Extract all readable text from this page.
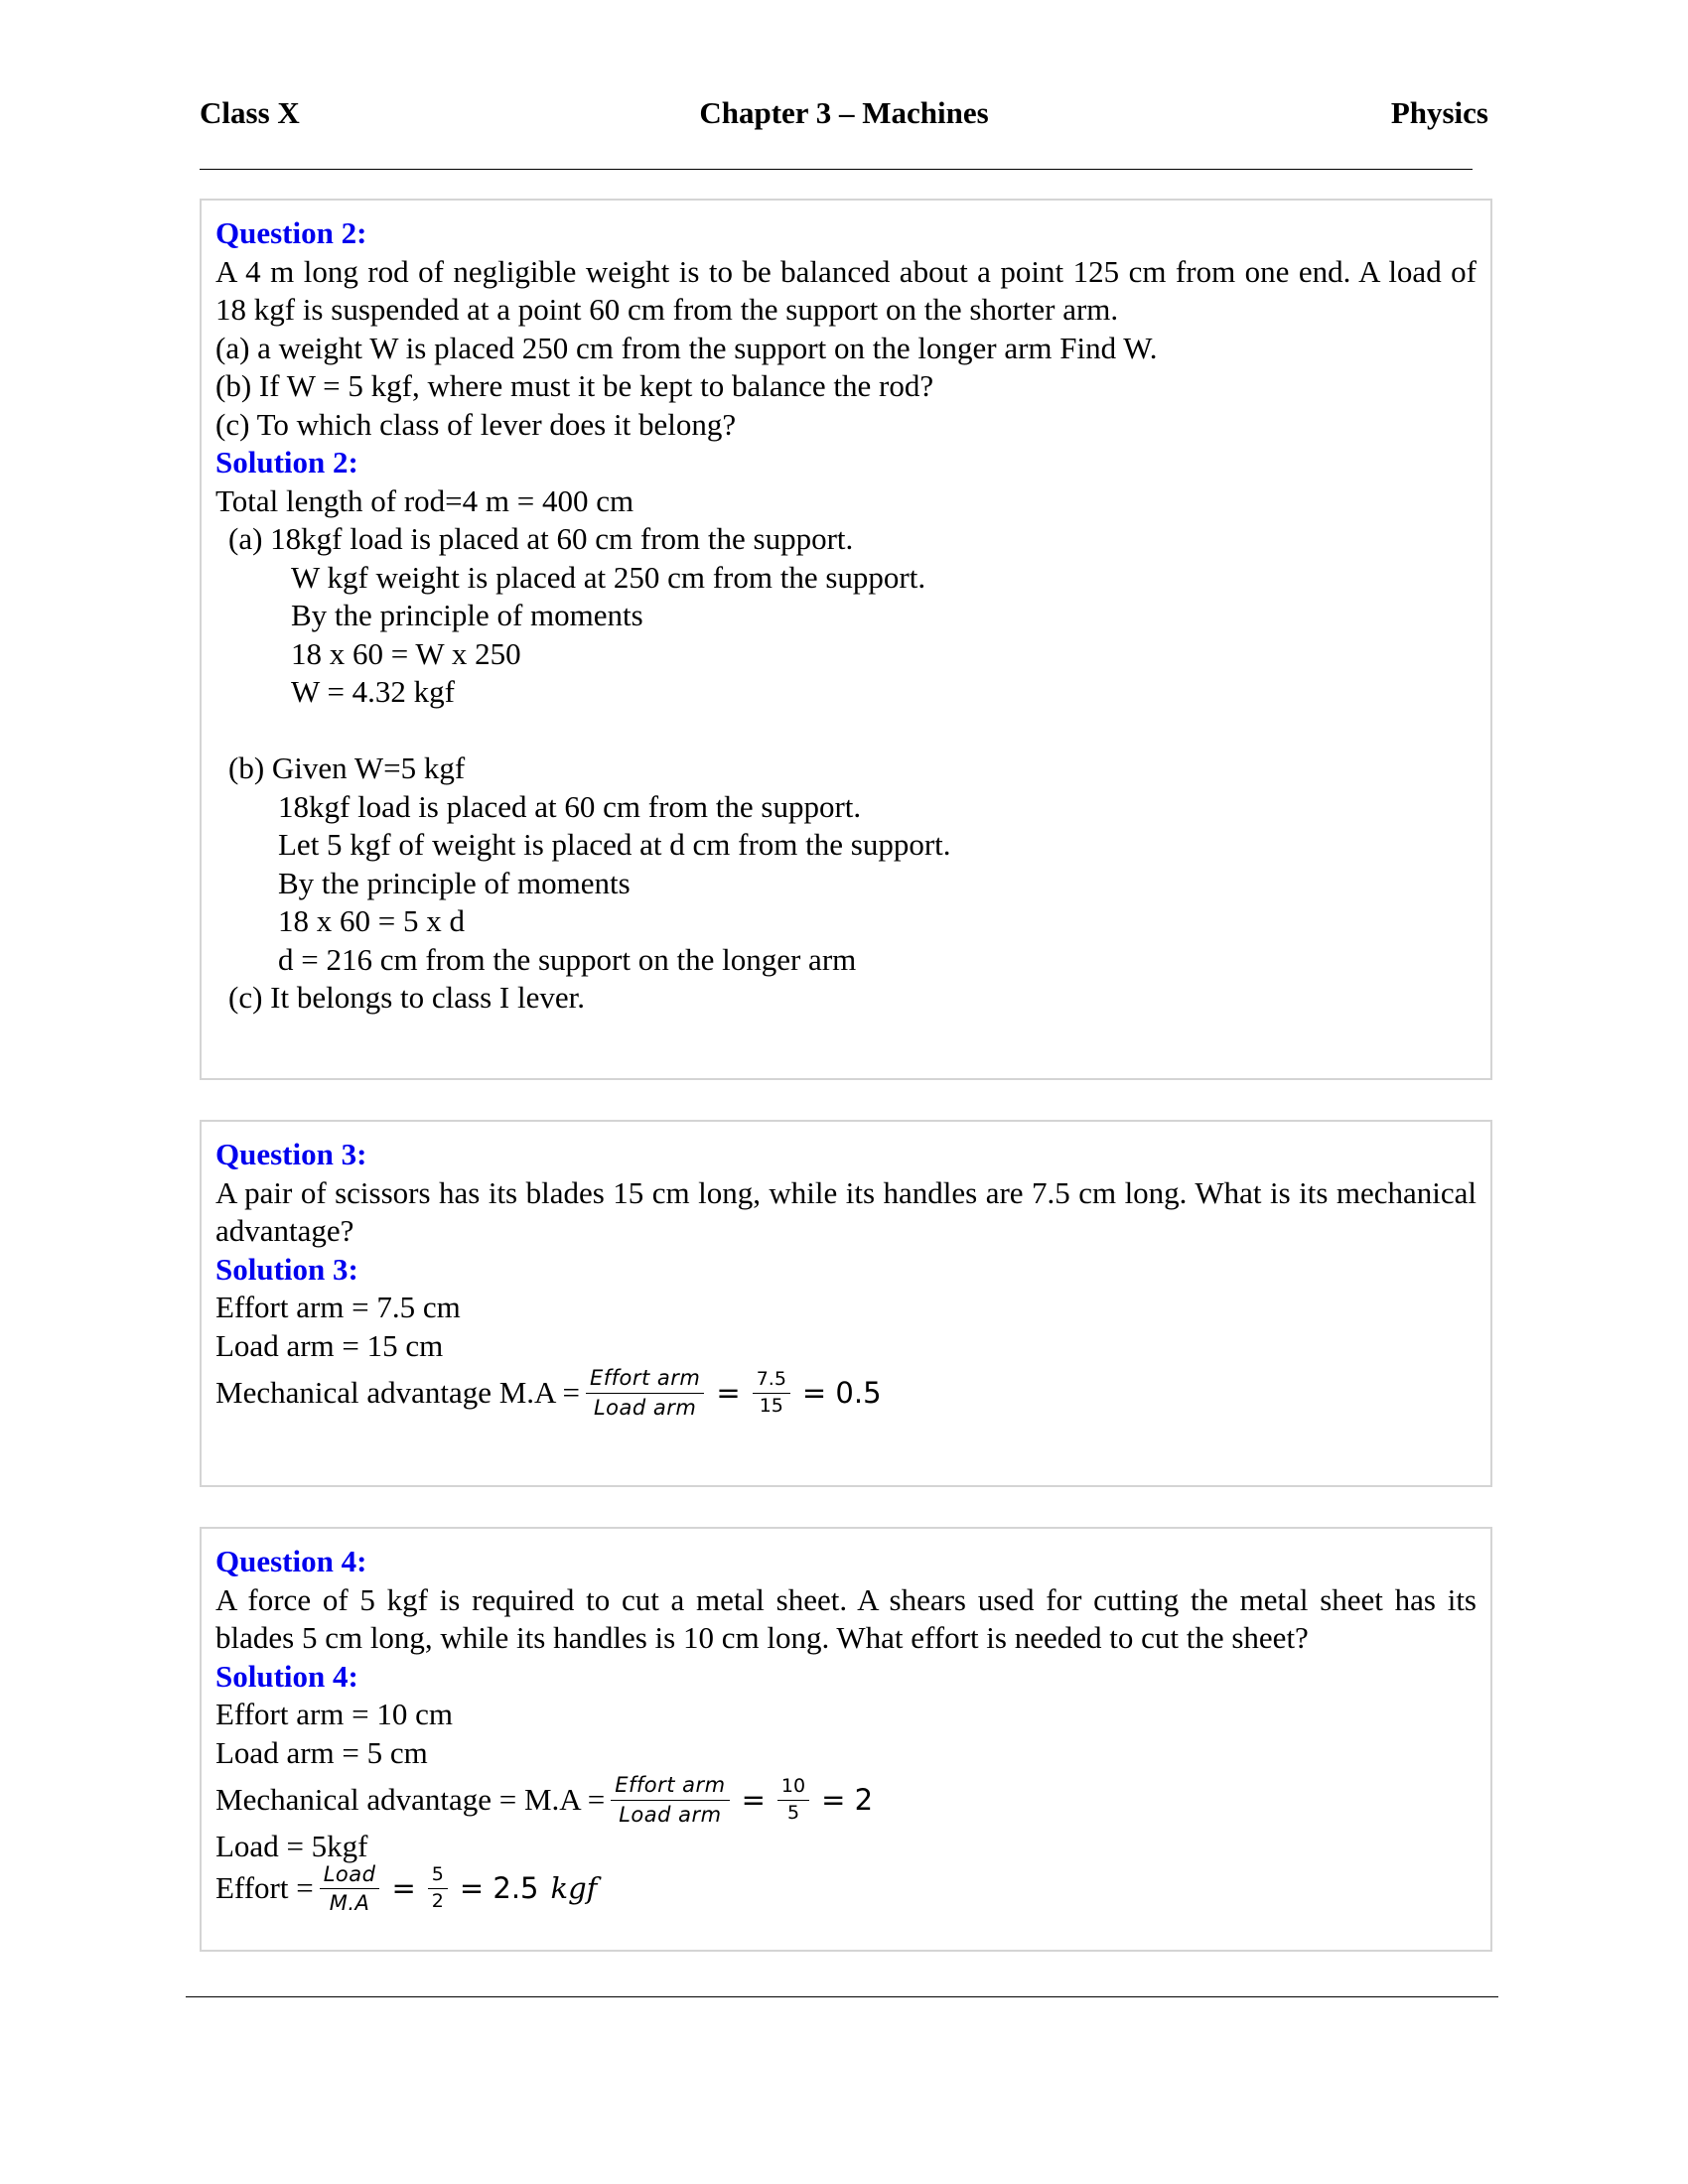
Chapter 3 – Machines
Class X	Physics
Question 2:
A 4 m long rod of negligible weight is to be balanced about a point 125 cm from one end. A load of 18 kgf is suspended at a point 60 cm from the support on the shorter arm.
(a) a weight W is placed 250 cm from the support on the longer arm Find W.
(b) If W = 5 kgf, where must it be kept to balance the rod?
(c) To which class of lever does it belong?
Solution 2:
Total length of rod=4 m = 400 cm
(a) 18kgf load is placed at 60 cm from the support.
W kgf weight is placed at 250 cm from the support.
By the principle of moments
18 x 60 = W x 250
W = 4.32 kgf
(b) Given W=5 kgf
18kgf load is placed at 60 cm from the support.
Let 5 kgf of weight is placed at d cm from the support.
By the principle of moments
18 x 60 = 5 x d
d = 216 cm from the support on the longer arm
(c) It belongs to class I lever.
Question 3:
A pair of scissors has its blades 15 cm long, while its handles are 7.5 cm long. What is its mechanical advantage?
Solution 3:
Effort arm = 7.5 cm
Load arm = 15 cm
Mechanical advantage $M.A = \frac{\text{Effort arm}}{\text{Load arm}} = \frac{7.5}{15} = 0.5$
Question 4:
A force of 5 kgf is required to cut a metal sheet. A shears used for cutting the metal sheet has its blades 5 cm long, while its handles is 10 cm long. What effort is needed to cut the sheet?
Solution 4:
Effort arm = 10 cm
Load arm = 5 cm
Mechanical advantage = $M.A = \frac{\text{Effort arm}}{\text{Load arm}} = \frac{10}{5} = 2$
Load = 5kgf
Effort = $\frac{\text{Load}}{M.A} = \frac{5}{2} = 2.5$ kgf
